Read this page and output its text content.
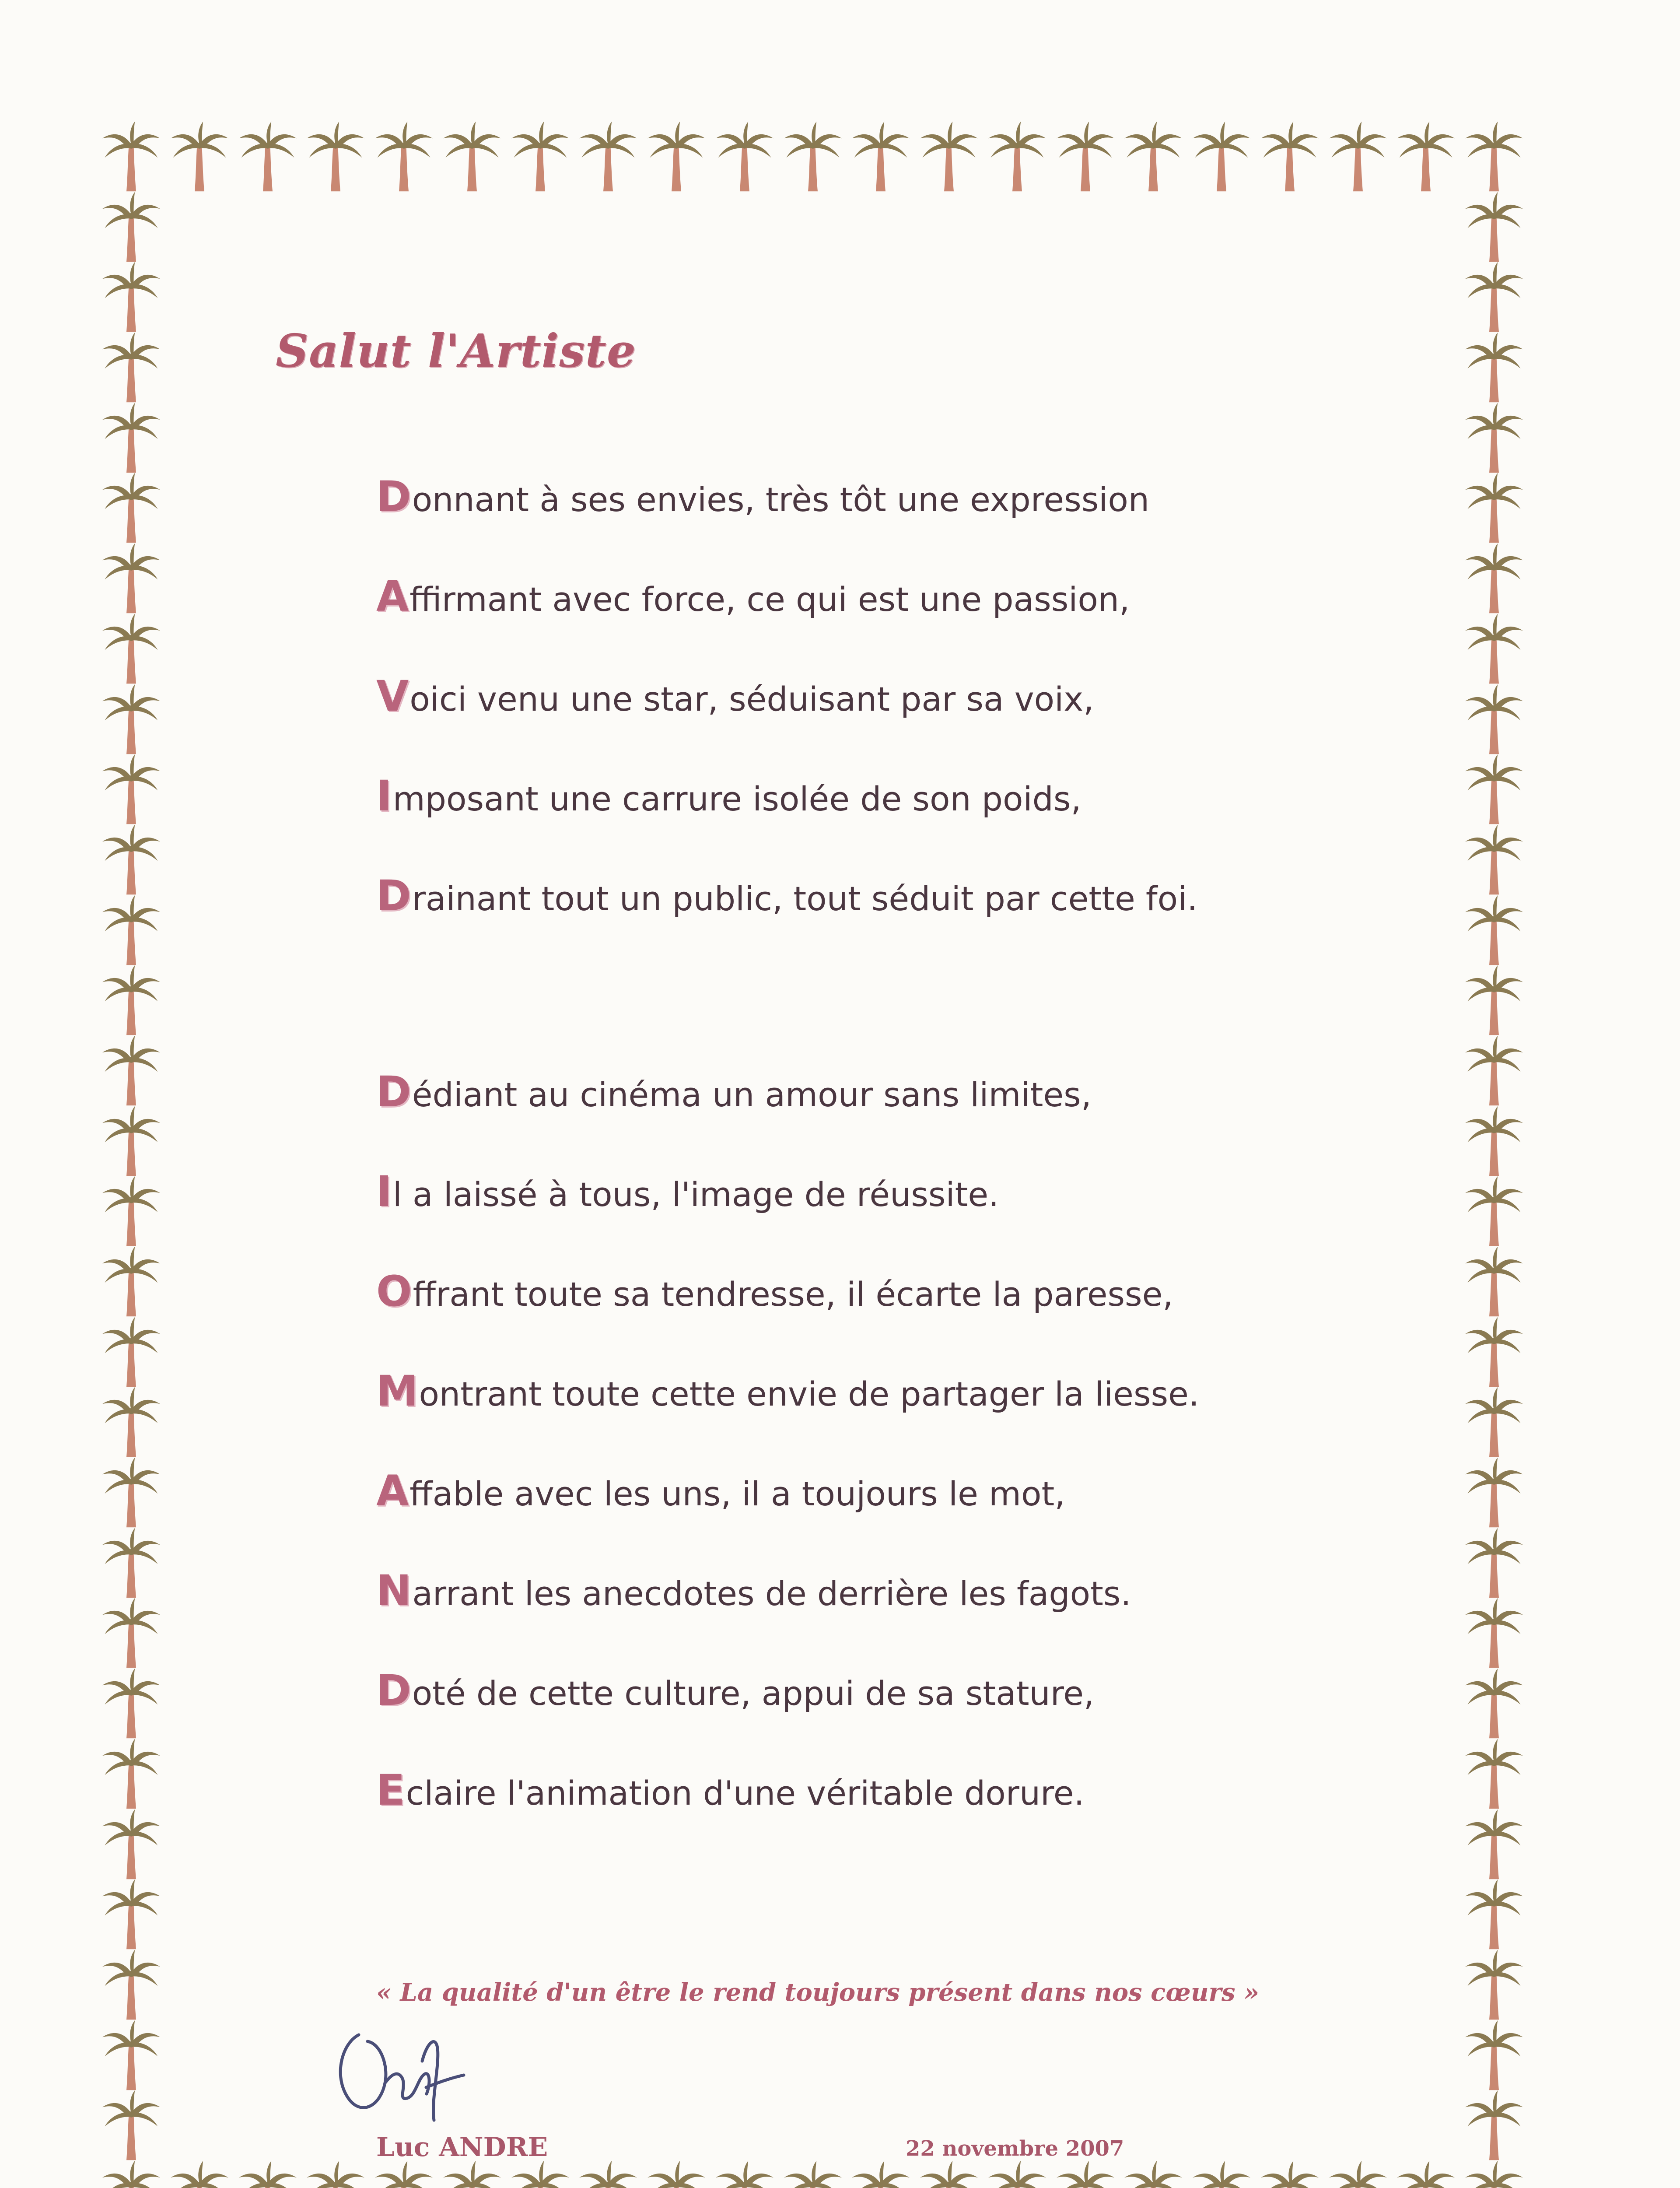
Salut l'Artiste
Donnant à ses envies, très tôt une expression
Affirmant avec force, ce qui est une passion,
Voici venu une star, séduisant par sa voix,
Imposant une carrure isolée de son poids,
Drainant tout un public, tout séduit par cette foi.
Dédiant au cinéma un amour sans limites,
Il a laissé à tous, l'image de réussite.
Offrant toute sa tendresse, il écarte la paresse,
Montrant toute cette envie de partager la liesse.
Affable avec les uns, il a toujours le mot,
Narrant les anecdotes de derrière les fagots.
Doté de cette culture, appui de sa stature,
Eclaire l'animation d'une véritable dorure.
« La qualité d'un être le rend toujours présent dans nos cœurs »
Luc ANDRE	22 novembre 2007
